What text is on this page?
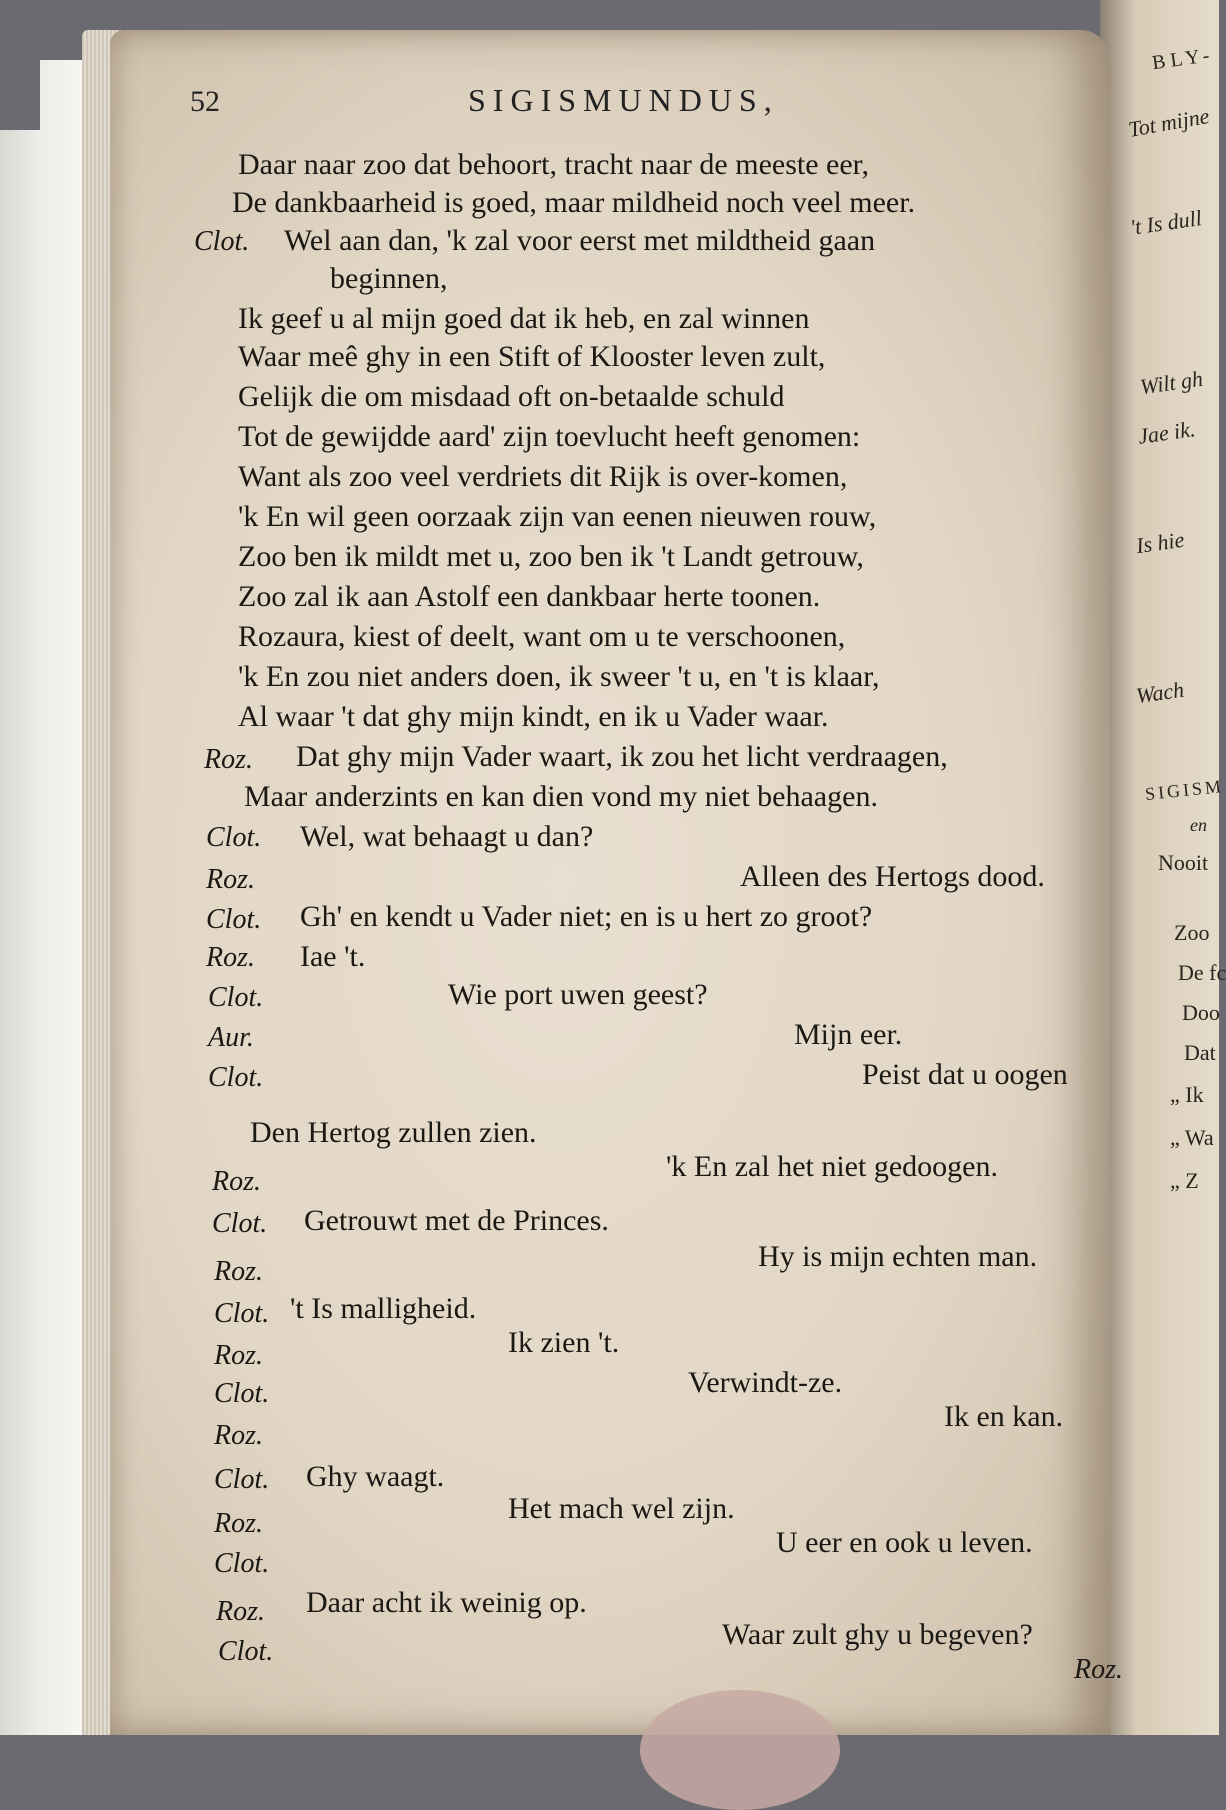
BLY-
Tot mijne
't Is dull
Wilt gh
Jae ik.
Is hie
Wach
SIGISM
en
Nooit
Zoo
De fc
Doo
Dat
„ Ik
„ Wa
„ Z
52	SIGISMUNDUS,
Daar naar zoo dat behoort, tracht naar de meeste eer,
De dankbaarheid is goed, maar mildheid noch veel meer.
Clot. Wel aan dan, 'k zal voor eerst met mildtheid gaan
beginnen,
Ik geef u al mijn goed dat ik heb, en zal winnen
Waar meê ghy in een Stift of Klooster leven zult,
Gelijk die om misdaad oft on-betaalde schuld
Tot de gewijdde aard' zijn toevlucht heeft genomen:
Want als zoo veel verdriets dit Rijk is over-komen,
'k En wil geen oorzaak zijn van eenen nieuwen rouw,
Zoo ben ik mildt met u, zoo ben ik 't Landt getrouw,
Zoo zal ik aan Astolf een dankbaar herte toonen.
Rozaura, kiest of deelt, want om u te verschoonen,
'k En zou niet anders doen, ik sweer 't u, en 't is klaar,
Al waar 't dat ghy mijn kindt, en ik u Vader waar.
Roz. Dat ghy mijn Vader waart, ik zou het licht verdraagen,
Maar anderzints en kan dien vond my niet behaagen.
Clot. Wel, wat behaagt u dan?
Roz.	Alleen des Hertogs dood.
Clot. Gh' en kendt u Vader niet; en is u hert zo groot?
Roz. Iae 't.
Clot.	Wie port uwen geest?
Aur.	Mijn eer.
Clot.	Peist dat u oogen
Den Hertog zullen zien.
Roz.	'k En zal het niet gedoogen.
Clot. Getrouwt met de Princes.
Roz.	Hy is mijn echten man.
Clot. 't Is malligheid.
Roz.	Ik zien 't.
Clot.	Verwindt-ze.
Roz.
Ik en kan.
Clot. Ghy waagt.
Roz.	Het mach wel zijn.
Clot.
U eer en ook u leven.
Roz. Daar acht ik weinig op.
Clot.
Waar zult ghy u begeven?
Roz.
